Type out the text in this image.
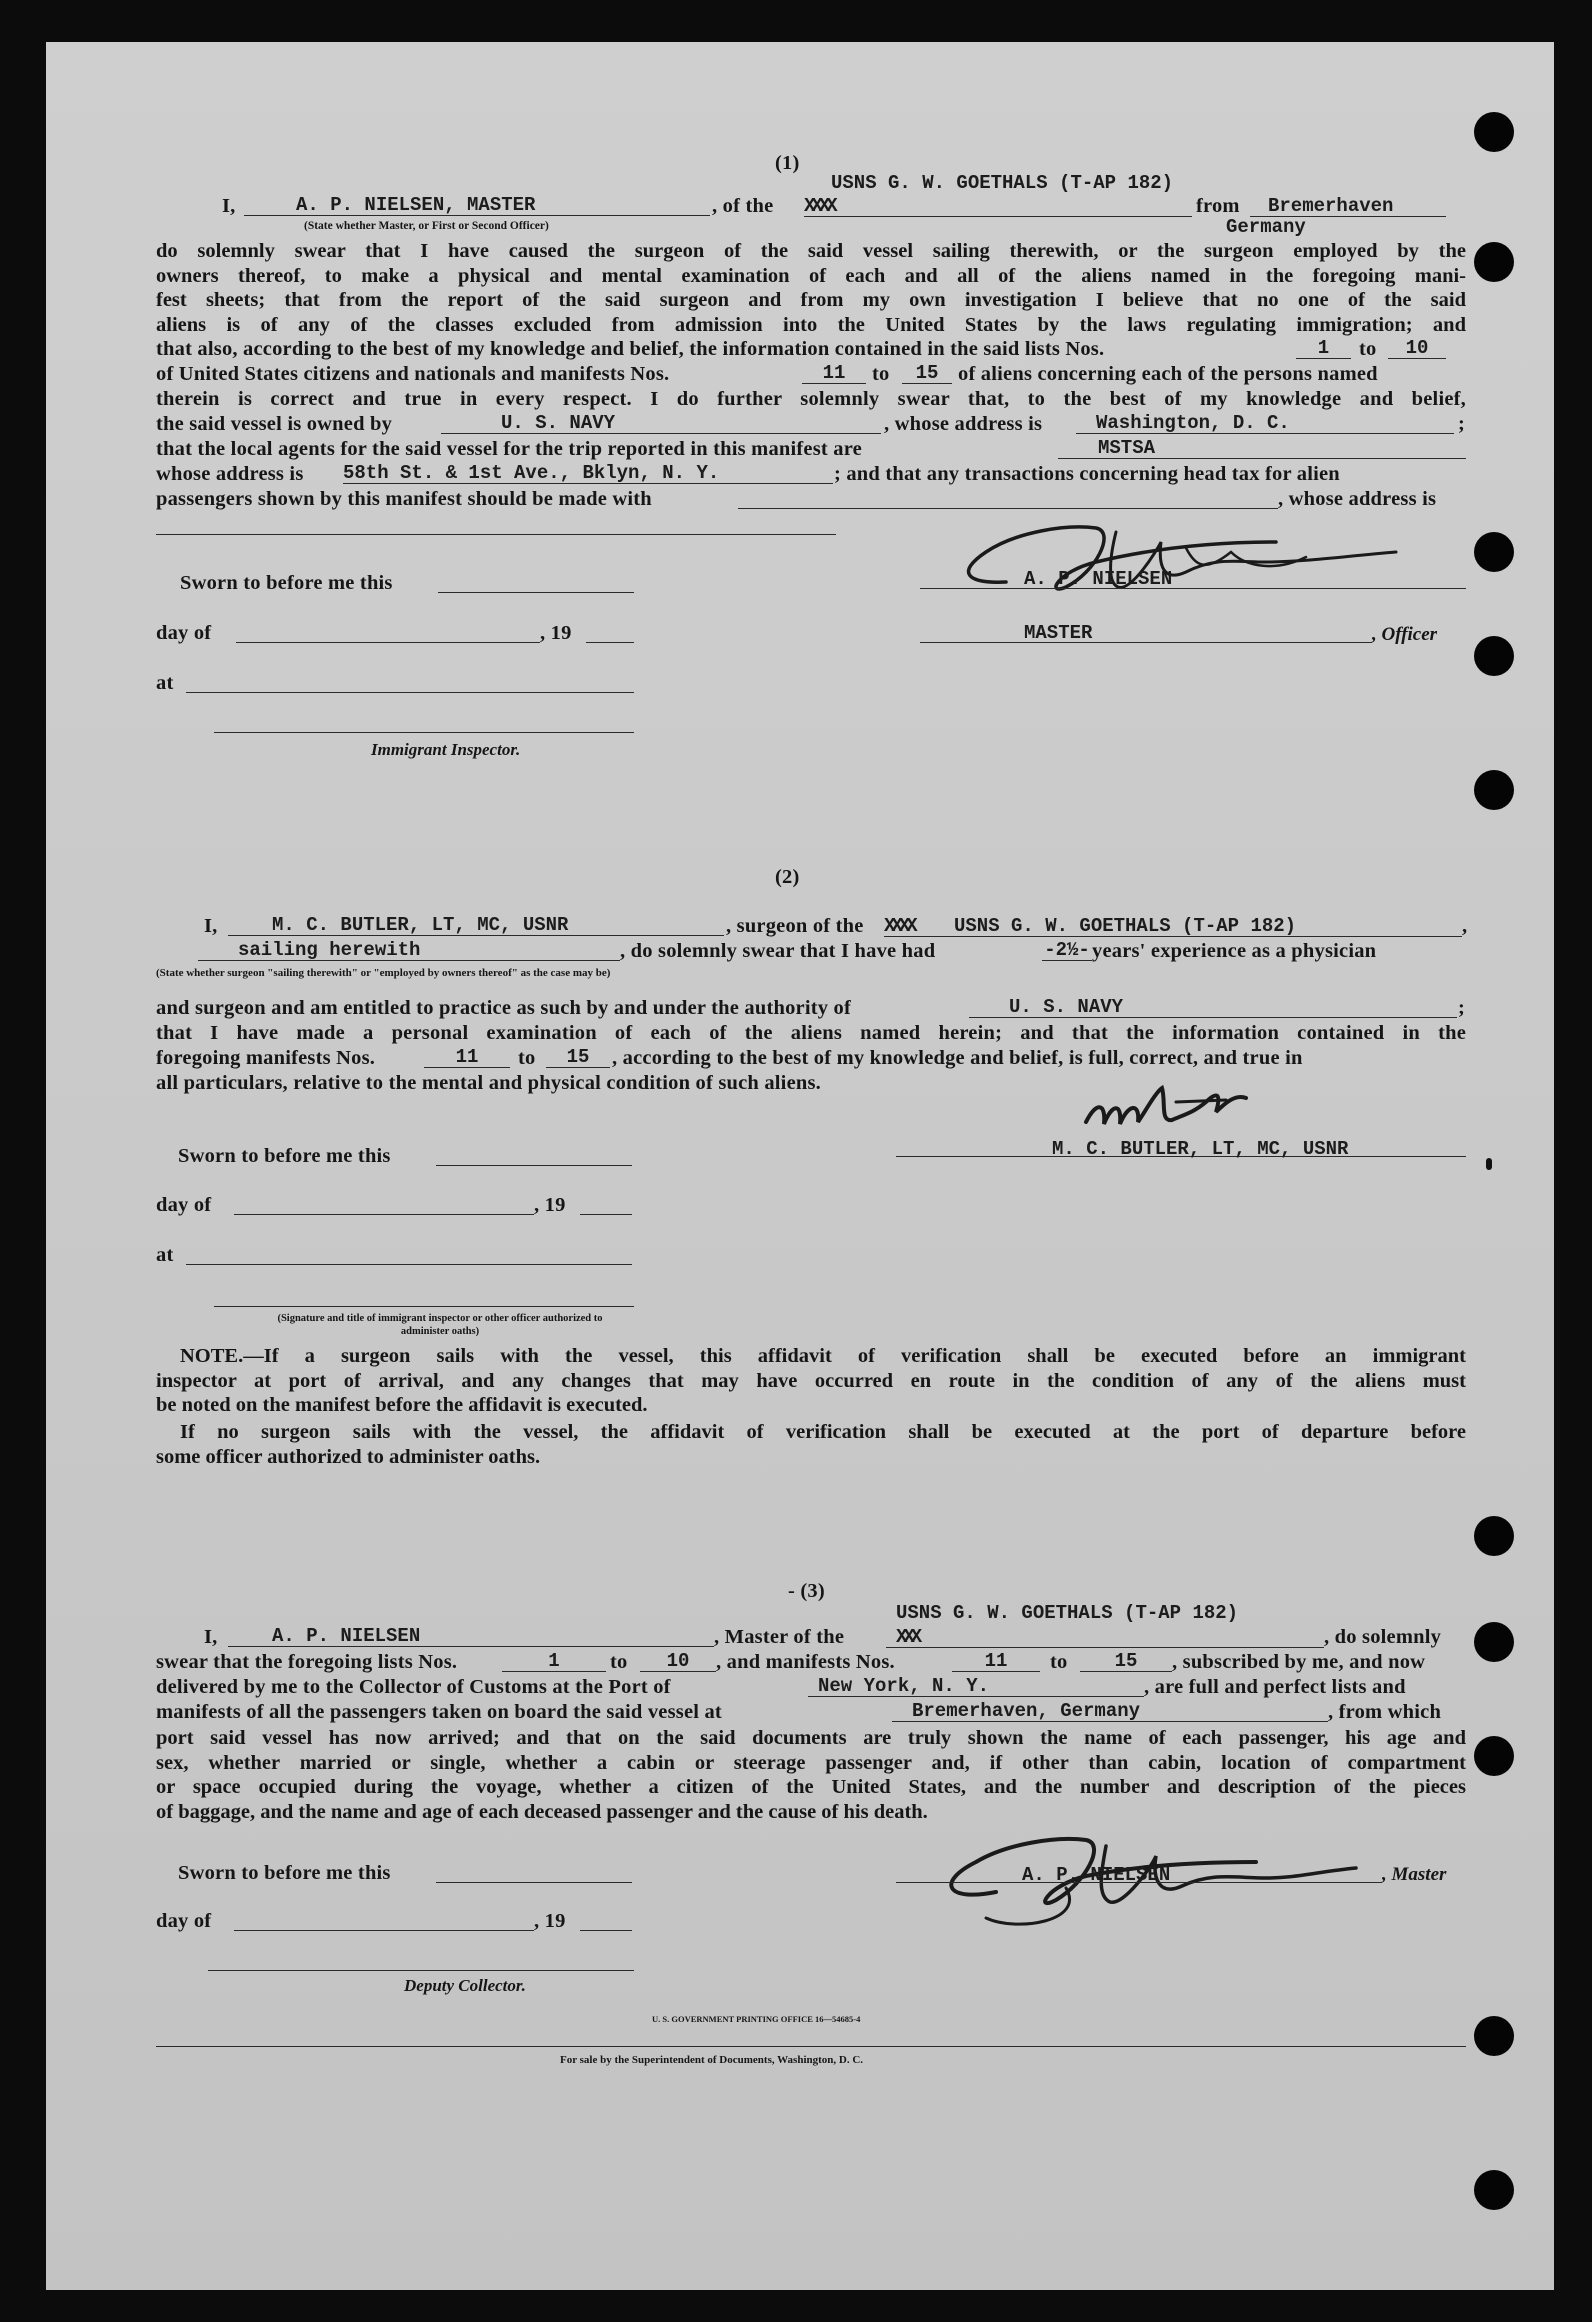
(1)
USNS G. W. GOETHALS (T-AP 182)
I,	A. P. NIELSEN, MASTER	, of the XXXX	from Bremerhaven
(State whether Master, or First or Second Officer)	Germany
do solemnly swear that I have caused the surgeon of the said vessel sailing therewith, or the surgeon employed by the
owners thereof, to make a physical and mental examination of each and all of the aliens named in the foregoing mani-
fest sheets; that from the report of the said surgeon and from my own investigation I believe that no one of the said
aliens is of any of the classes excluded from admission into the United States by the laws regulating immigration; and
that also, according to the best of my knowledge and belief, the information contained in the said lists Nos.	1	to	10
of United States citizens and nationals and manifests Nos.	11	to	15 of aliens concerning each of the persons named
therein is correct and true in every respect. I do further solemnly swear that, to the best of my knowledge and belief,
the said vessel is owned by	U. S. NAVY	, whose address is	Washington, D. C.	;
that the local agents for the said vessel for the trip reported in this manifest are	MSTSA
whose address is 58th St. & 1st Ave., Bklyn, N. Y.	; and that any transactions concerning head tax for alien
passengers shown by this manifest should be made with	, whose address is
Sworn to before me this
day of	, 19
at
Immigrant Inspector.
A. P. NIELSEN
MASTER	, Officer
(2)
I,	M. C. BUTLER, LT, MC, USNR	, surgeon of the XXXX USNS G. W. GOETHALS (T-AP 182)	,
sailing herewith	, do solemnly swear that I have had	-2½- years' experience as a physician
(State whether surgeon "sailing therewith" or "employed by owners thereof" as the case may be)
and surgeon and am entitled to practice as such by and under the authority of	U. S. NAVY	;
that I have made a personal examination of each of the aliens named herein; and that the information contained in the
foregoing manifests Nos.	11	to	15	, according to the best of my knowledge and belief, is full, correct, and true in
all particulars, relative to the mental and physical condition of such aliens.
M. C. BUTLER, LT, MC, USNR
Sworn to before me this
day of	, 19
at
(Signature and title of immigrant inspector or other officer authorized to administer oaths)
NOTE.—If a surgeon sails with the vessel, this affidavit of verification shall be executed before an immigrant
inspector at port of arrival, and any changes that may have occurred en route in the condition of any of the aliens must
be noted on the manifest before the affidavit is executed.
If no surgeon sails with the vessel, the affidavit of verification shall be executed at the port of departure before
some officer authorized to administer oaths.
- (3)
USNS G. W. GOETHALS (T-AP 182)
I,	A. P. NIELSEN	, Master of the	XXX	, do solemnly
swear that the foregoing lists Nos.	1	to	10	, and manifests Nos.	11	to	15	, subscribed by me, and now
delivered by me to the Collector of Customs at the Port of	New York, N. Y.	, are full and perfect lists and
manifests of all the passengers taken on board the said vessel at	Bremerhaven, Germany	, from which
port said vessel has now arrived; and that on the said documents are truly shown the name of each passenger, his age and
sex, whether married or single, whether a cabin or steerage passenger and, if other than cabin, location of compartment
or space occupied during the voyage, whether a citizen of the United States, and the number and description of the pieces
of baggage, and the name and age of each deceased passenger and the cause of his death.
A. P. NIELSEN	, Master
Sworn to before me this
day of	, 19
Deputy Collector.
U. S. GOVERNMENT PRINTING OFFICE 16—54685-4
For sale by the Superintendent of Documents, Washington, D. C.
